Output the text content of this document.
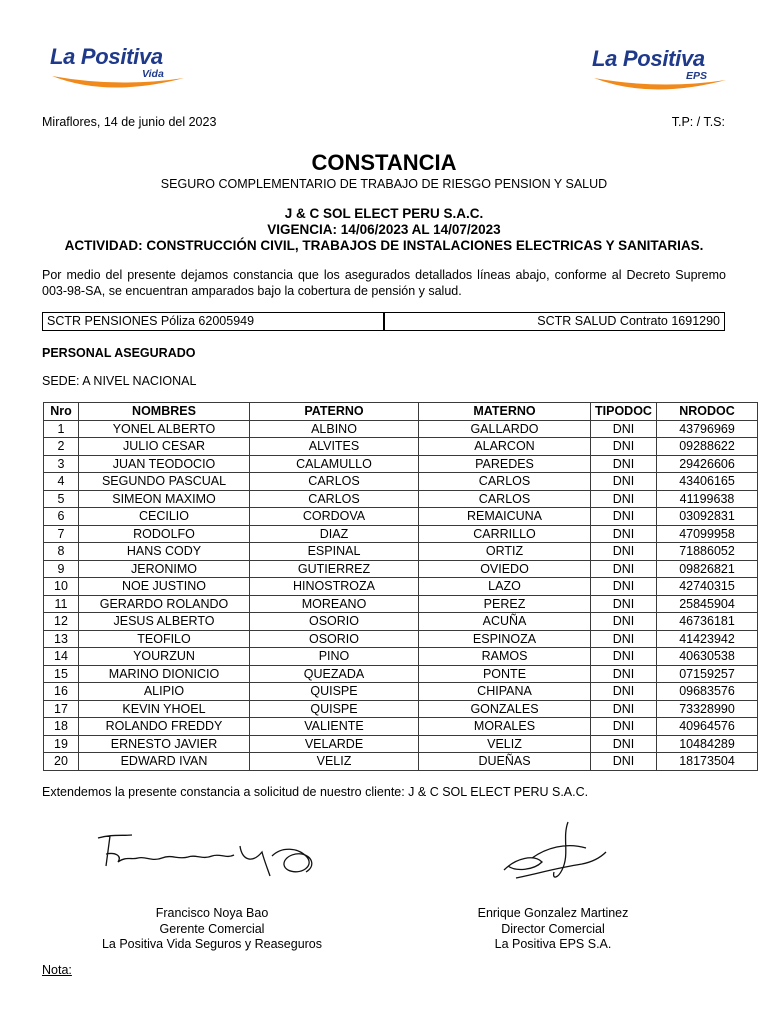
La Positiva
Vida
La Positiva
EPS
Miraflores, 14 de junio del 2023	T.P: / T.S:
CONSTANCIA
SEGURO COMPLEMENTARIO DE TRABAJO DE RIESGO PENSION Y SALUD
J & C SOL ELECT PERU S.A.C.
VIGENCIA: 14/06/2023 AL 14/07/2023
ACTIVIDAD: CONSTRUCCIÓN CIVIL, TRABAJOS DE INSTALACIONES ELECTRICAS Y SANITARIAS.
Por medio del presente dejamos constancia que los asegurados detallados líneas abajo, conforme al Decreto Supremo 003-98-SA, se encuentran amparados bajo la cobertura de pensión y salud.
SCTR PENSIONES Póliza 62005949	SCTR SALUD Contrato 1691290
PERSONAL ASEGURADO
SEDE: A NIVEL NACIONAL
Nro	NOMBRES	PATERNO	MATERNO	TIPODOC	NRODOC
1	YONEL ALBERTO	ALBINO	GALLARDO	DNI	43796969
2	JULIO CESAR	ALVITES	ALARCON	DNI	09288622
3	JUAN TEODOCIO	CALAMULLO	PAREDES	DNI	29426606
4	SEGUNDO PASCUAL	CARLOS	CARLOS	DNI	43406165
5	SIMEON MAXIMO	CARLOS	CARLOS	DNI	41199638
6	CECILIO	CORDOVA	REMAICUNA	DNI	03092831
7	RODOLFO	DIAZ	CARRILLO	DNI	47099958
8	HANS CODY	ESPINAL	ORTIZ	DNI	71886052
9	JERONIMO	GUTIERREZ	OVIEDO	DNI	09826821
10	NOE JUSTINO	HINOSTROZA	LAZO	DNI	42740315
11	GERARDO ROLANDO	MOREANO	PEREZ	DNI	25845904
12	JESUS ALBERTO	OSORIO	ACUÑA	DNI	46736181
13	TEOFILO	OSORIO	ESPINOZA	DNI	41423942
14	YOURZUN	PINO	RAMOS	DNI	40630538
15	MARINO DIONICIO	QUEZADA	PONTE	DNI	07159257
16	ALIPIO	QUISPE	CHIPANA	DNI	09683576
17	KEVIN YHOEL	QUISPE	GONZALES	DNI	73328990
18	ROLANDO FREDDY	VALIENTE	MORALES	DNI	40964576
19	ERNESTO JAVIER	VELARDE	VELIZ	DNI	10484289
20	EDWARD IVAN	VELIZ	DUEÑAS	DNI	18173504
Extendemos la presente constancia a solicitud de nuestro cliente: J & C SOL ELECT PERU S.A.C.
Francisco Noya Bao
Gerente Comercial
La Positiva Vida Seguros y Reaseguros
Enrique Gonzalez Martinez
Director Comercial
La Positiva EPS S.A.
Nota:
